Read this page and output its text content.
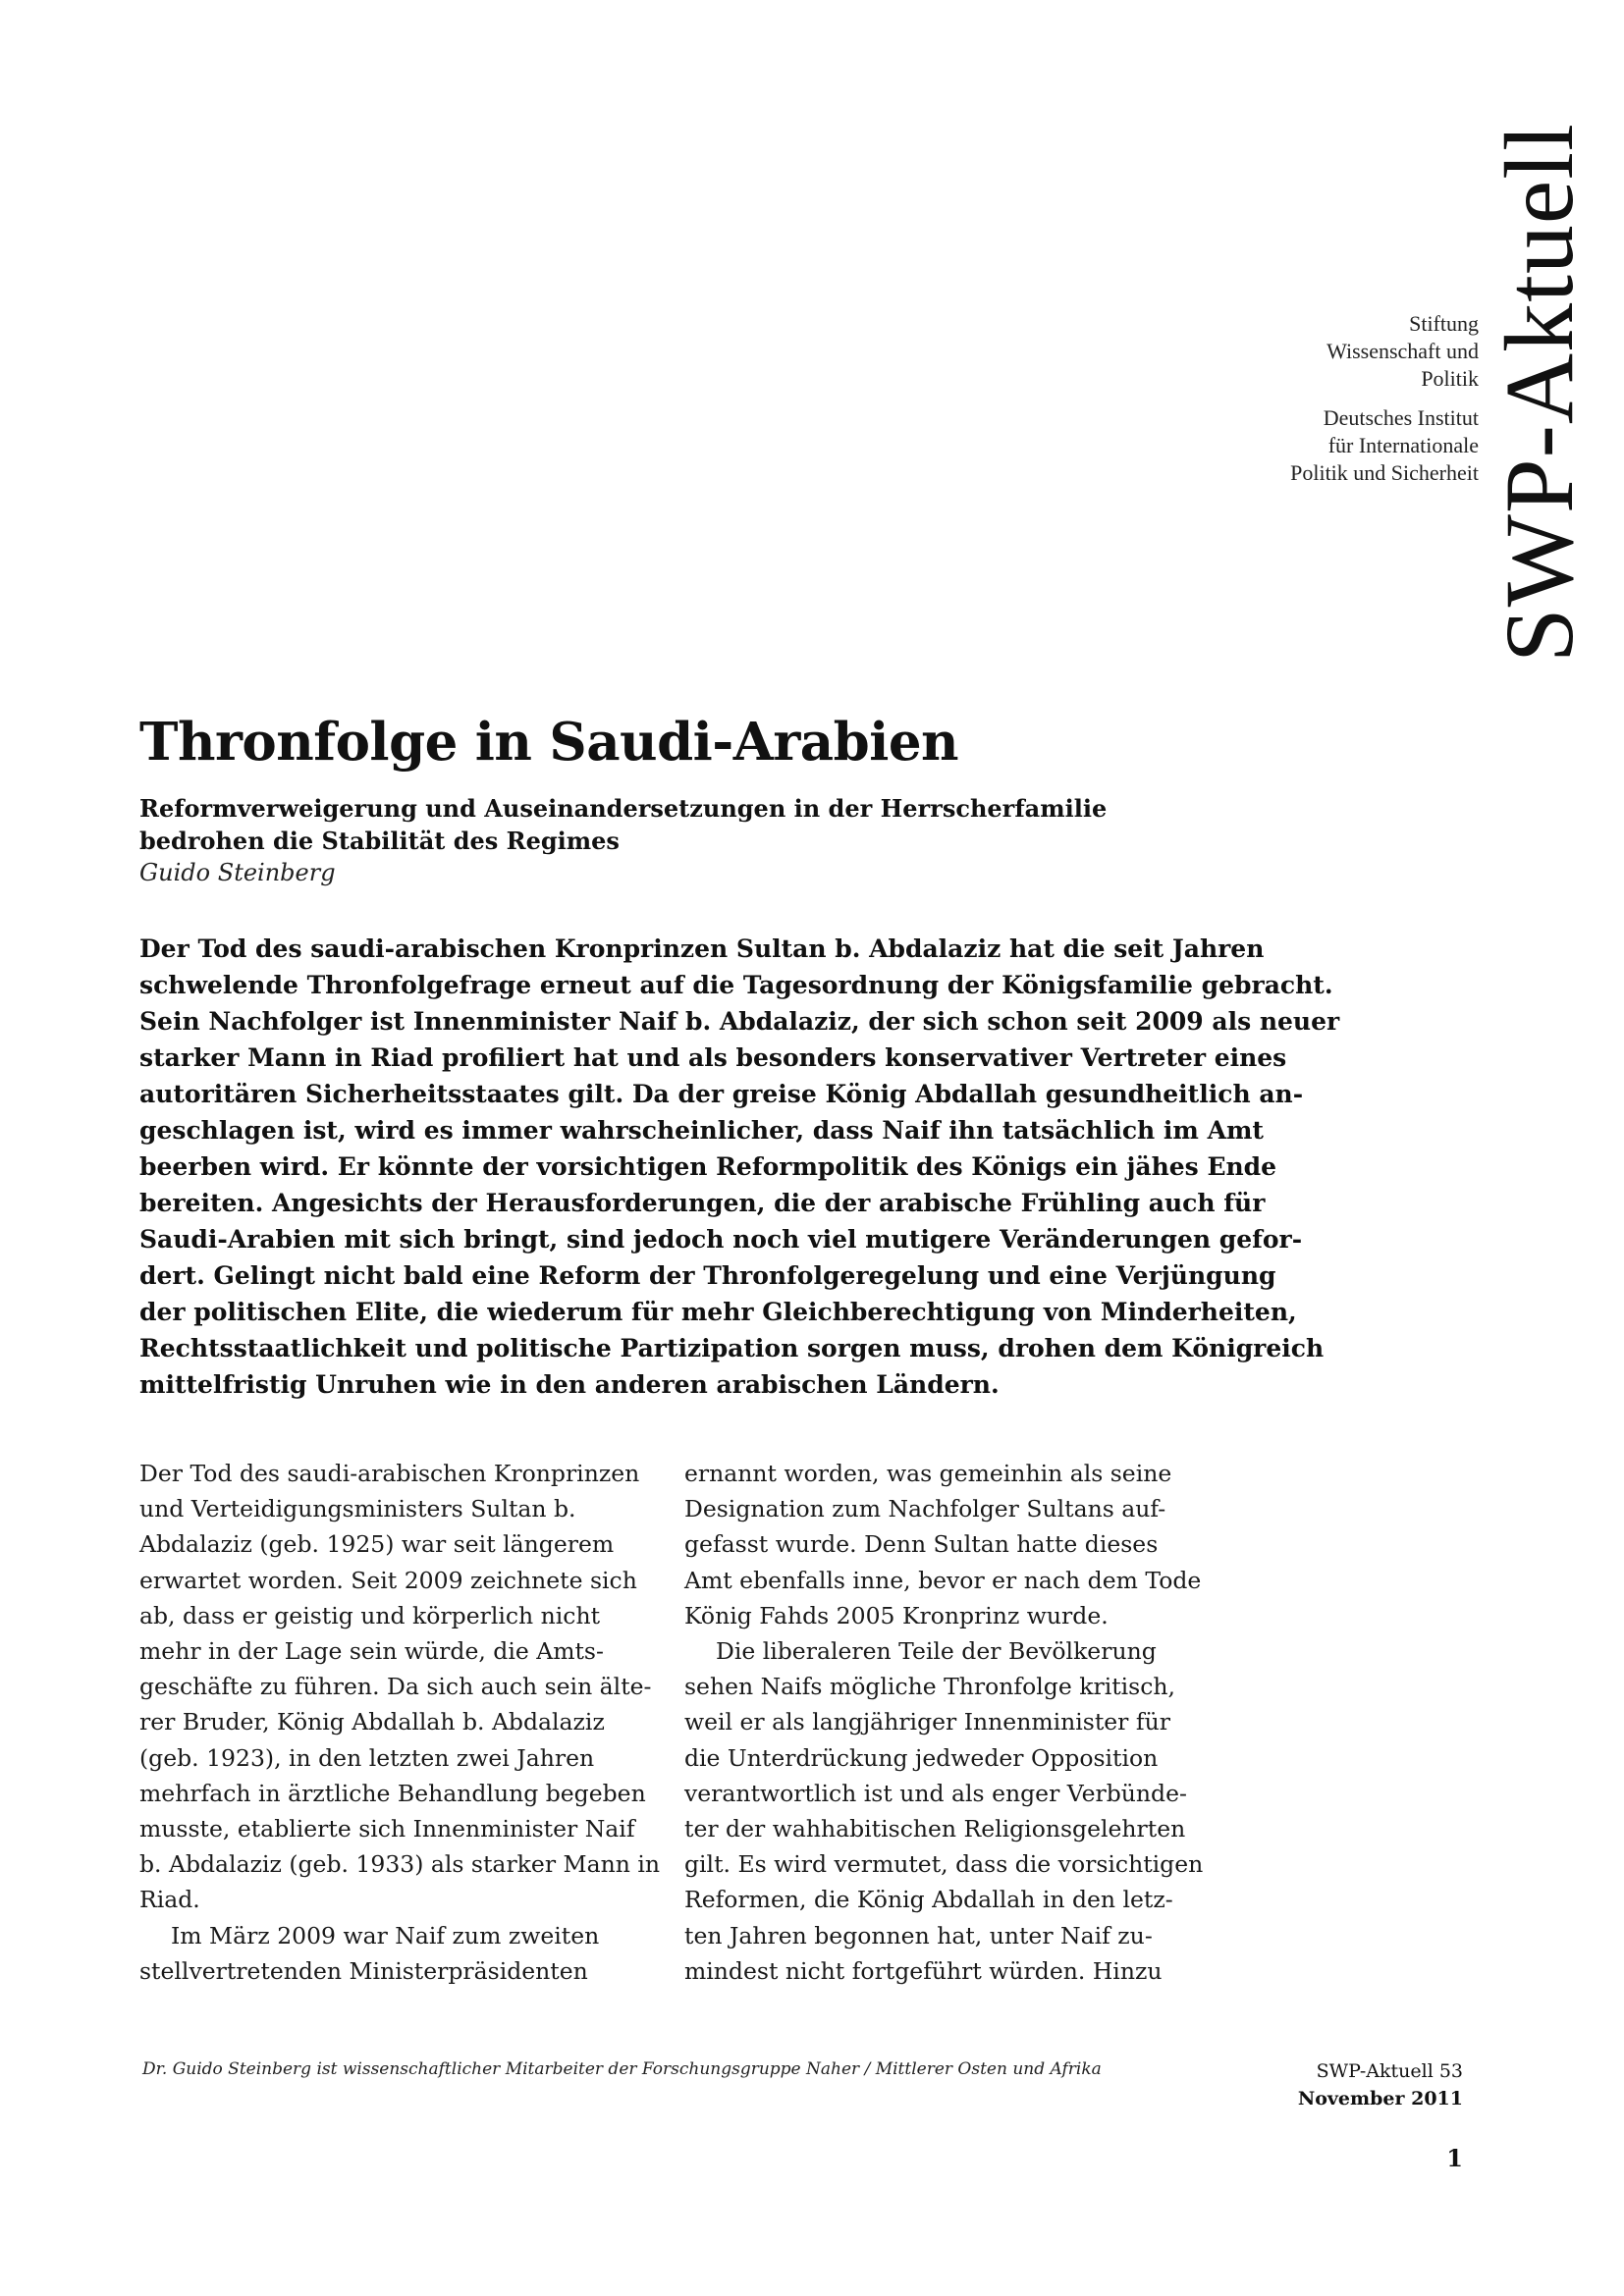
SWP-Aktuell
Stiftung
Wissenschaft und
Politik
Deutsches Institut
für Internationale
Politik und Sicherheit
Thronfolge in Saudi-Arabien
Reformverweigerung und Auseinandersetzungen in der Herrscherfamilie
bedrohen die Stabilität des Regimes
Guido Steinberg
Der Tod des saudi-arabischen Kronprinzen Sultan b. Abdalaziz hat die seit Jahren
schwelende Thronfolgefrage erneut auf die Tagesordnung der Königsfamilie gebracht.
Sein Nachfolger ist Innenminister Naif b. Abdalaziz, der sich schon seit 2009 als neuer
starker Mann in Riad profiliert hat und als besonders konservativer Vertreter eines
autoritären Sicherheitsstaates gilt. Da der greise König Abdallah gesundheitlich an-
geschlagen ist, wird es immer wahrscheinlicher, dass Naif ihn tatsächlich im Amt
beerben wird. Er könnte der vorsichtigen Reformpolitik des Königs ein jähes Ende
bereiten. Angesichts der Herausforderungen, die der arabische Frühling auch für
Saudi-Arabien mit sich bringt, sind jedoch noch viel mutigere Veränderungen gefor-
dert. Gelingt nicht bald eine Reform der Thronfolgeregelung und eine Verjüngung
der politischen Elite, die wiederum für mehr Gleichberechtigung von Minderheiten,
Rechtsstaatlichkeit und politische Partizipation sorgen muss, drohen dem Königreich
mittelfristig Unruhen wie in den anderen arabischen Ländern.
Der Tod des saudi-arabischen Kronprinzen
und Verteidigungsministers Sultan b.
Abdalaziz (geb. 1925) war seit längerem
erwartet worden. Seit 2009 zeichnete sich
ab, dass er geistig und körperlich nicht
mehr in der Lage sein würde, die Amts-
geschäfte zu führen. Da sich auch sein älte-
rer Bruder, König Abdallah b. Abdalaziz
(geb. 1923), in den letzten zwei Jahren
mehrfach in ärztliche Behandlung begeben
musste, etablierte sich Innenminister Naif
b. Abdalaziz (geb. 1933) als starker Mann in
Riad.
Im März 2009 war Naif zum zweiten
stellvertretenden Ministerpräsidenten
ernannt worden, was gemeinhin als seine
Designation zum Nachfolger Sultans auf-
gefasst wurde. Denn Sultan hatte dieses
Amt ebenfalls inne, bevor er nach dem Tode
König Fahds 2005 Kronprinz wurde.
Die liberaleren Teile der Bevölkerung
sehen Naifs mögliche Thronfolge kritisch,
weil er als langjähriger Innenminister für
die Unterdrückung jedweder Opposition
verantwortlich ist und als enger Verbünde-
ter der wahhabitischen Religionsgelehrten
gilt. Es wird vermutet, dass die vorsichtigen
Reformen, die König Abdallah in den letz-
ten Jahren begonnen hat, unter Naif zu-
mindest nicht fortgeführt würden. Hinzu
Dr. Guido Steinberg ist wissenschaftlicher Mitarbeiter der Forschungsgruppe Naher / Mittlerer Osten und Afrika	SWP-Aktuell 53
November 2011
1
